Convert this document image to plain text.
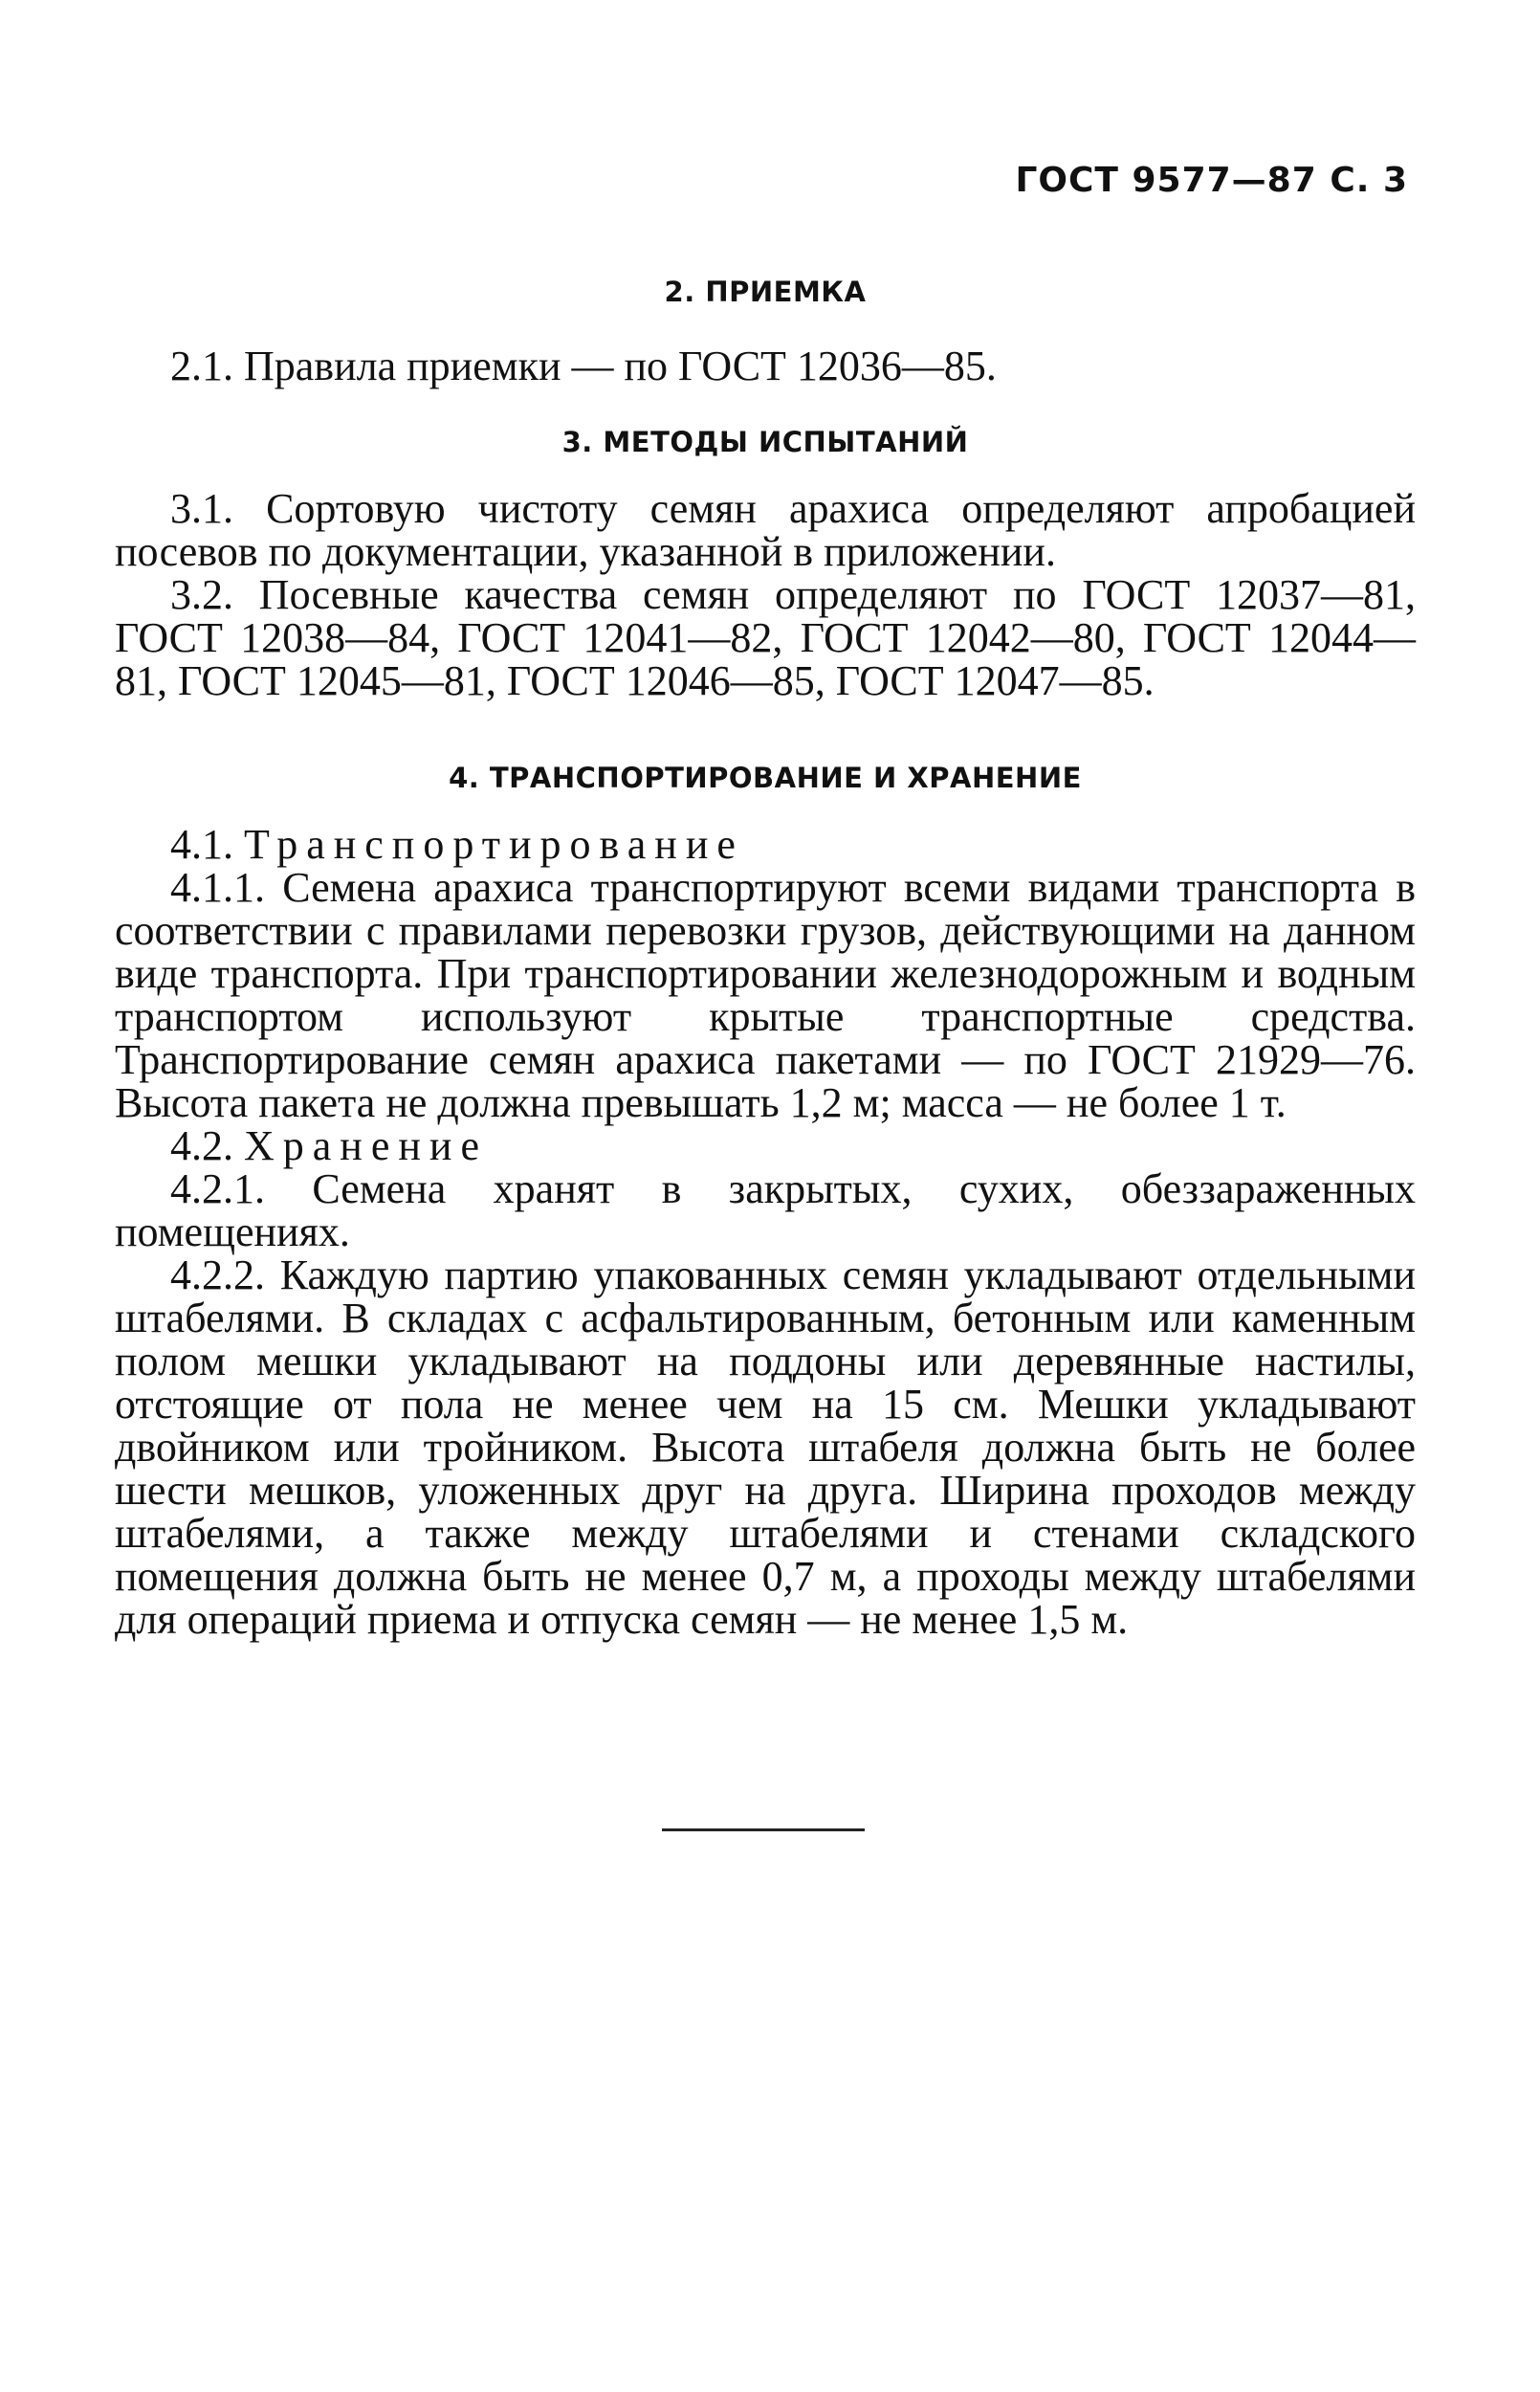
ГОСТ 9577—87 С. 3
2. ПРИЕМКА

2.1. Правила приемки — по ГОСТ 12036—85.

3. МЕТОДЫ ИСПЫТАНИЙ

3.1. Сортовую чистоту семян арахиса определяют апробацией посевов по документации, указанной в приложении.

3.2. Посевные качества семян определяют по ГОСТ 12037—81, ГОСТ 12038—84, ГОСТ 12041—82, ГОСТ 12042—80, ГОСТ 12044—81, ГОСТ 12045—81, ГОСТ 12046—85, ГОСТ 12047—85.

4. ТРАНСПОРТИРОВАНИЕ И ХРАНЕНИЕ

4.1. Транспортирование

4.1.1. Семена арахиса транспортируют всеми видами транспорта в соответствии с правилами перевозки грузов, действующими на данном виде транспорта. При транспортировании железнодорожным и водным транспортом используют крытые транспортные средства. Транспортирование семян арахиса пакетами — по ГОСТ 21929—76. Высота пакета не должна превышать 1,2 м; масса — не более 1 т.

4.2. Хранение

4.2.1. Семена хранят в закрытых, сухих, обеззараженных помещениях.

4.2.2. Каждую партию упакованных семян укладывают отдельными штабелями. В складах с асфальтированным, бетонным или каменным полом мешки укладывают на поддоны или деревянные настилы, отстоящие от пола не менее чем на 15 см. Мешки укладывают двойником или тройником. Высота штабеля должна быть не более шести мешков, уложенных друг на друга. Ширина проходов между штабелями, а также между штабелями и стенами складского помещения должна быть не менее 0,7 м, а проходы между штабелями для операций приема и отпуска семян — не менее 1,5 м.
